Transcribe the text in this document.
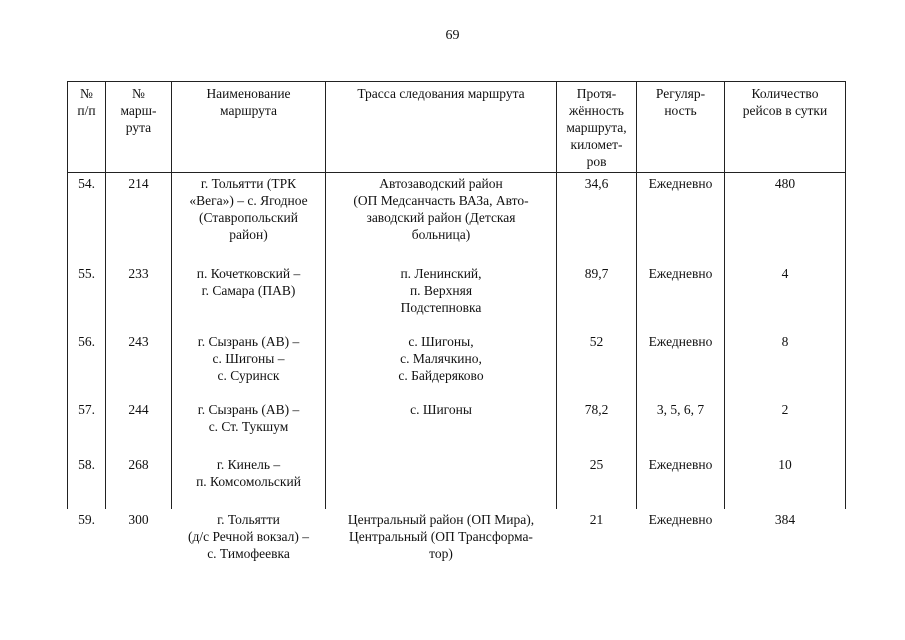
69
№
п/п	№
марш-
рута	Наименование
маршрута	Трасса следования маршрута	Протя-
жённость
маршрута,
километ-
ров	Регуляр-
ность	Количество
рейсов в сутки

54.	214	г. Тольятти (ТРК
«Вега») – с. Ягодное
(Ставропольский
район)	Автозаводский район
(ОП Медсанчасть ВАЗа, Авто-
заводский район (Детская
больница)	34,6	Ежедневно	480
55.	233	п. Кочетковский –
г. Самара (ПАВ)	п. Ленинский,
п. Верхняя
Подстепновка	89,7	Ежедневно	4
56.	243	г. Сызрань (АВ) –
с. Шигоны –
с. Суринск	с. Шигоны,
с. Малячкино,
с. Байдеряково	52	Ежедневно	8
57.	244	г. Сызрань (АВ) –
с. Ст. Тукшум	с. Шигоны	78,2	3, 5, 6, 7	2
58.	268	г. Кинель –
п. Комсомольский		25	Ежедневно	10
59.	300	г. Тольятти
(д/с Речной вокзал) –
с. Тимофеевка	Центральный район (ОП Мира),
Центральный (ОП Трансформа-
тор)	21	Ежедневно	384
